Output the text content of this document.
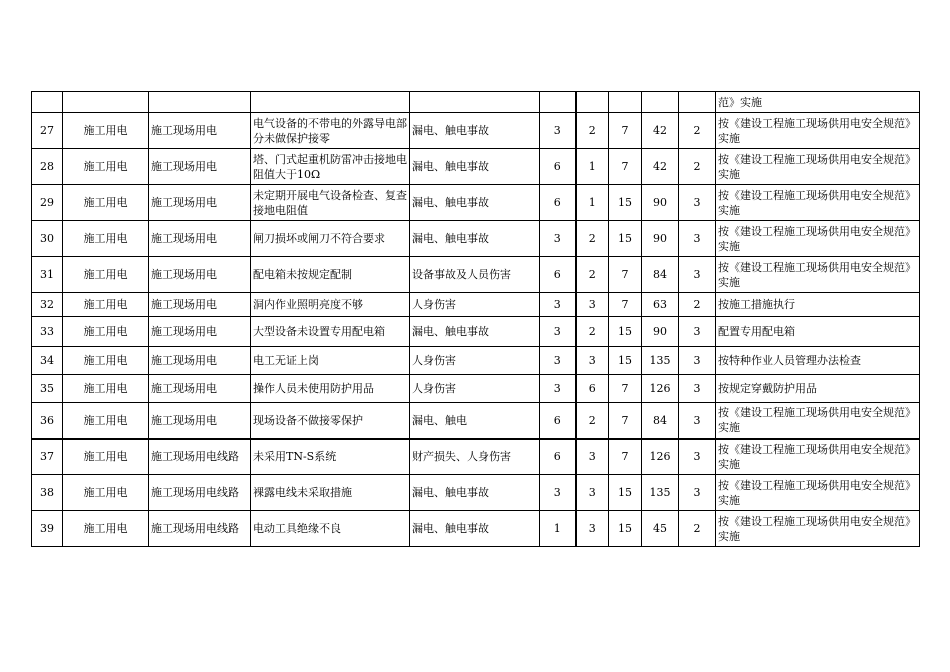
										范》实施
27	施工用电	施工现场用电	电气设备的不带电的外露导电部分未做保护接零	漏电、触电事故	3	2	7	42	2	按《建设工程施工现场供用电安全规范》实施
28	施工用电	施工现场用电	塔、门式起重机防雷冲击接地电阻值大于10Ω	漏电、触电事故	6	1	7	42	2	按《建设工程施工现场供用电安全规范》实施
29	施工用电	施工现场用电	未定期开展电气设备检查、复查接地电阻值	漏电、触电事故	6	1	15	90	3	按《建设工程施工现场供用电安全规范》实施
30	施工用电	施工现场用电	闸刀损坏或闸刀不符合要求	漏电、触电事故	3	2	15	90	3	按《建设工程施工现场供用电安全规范》实施
31	施工用电	施工现场用电	配电箱未按规定配制	设备事故及人员伤害	6	2	7	84	3	按《建设工程施工现场供用电安全规范》实施
32	施工用电	施工现场用电	洞内作业照明亮度不够	人身伤害	3	3	7	63	2	按施工措施执行
33	施工用电	施工现场用电	大型设备未设置专用配电箱	漏电、触电事故	3	2	15	90	3	配置专用配电箱
34	施工用电	施工现场用电	电工无证上岗	人身伤害	3	3	15	135	3	按特种作业人员管理办法检查
35	施工用电	施工现场用电	操作人员未使用防护用品	人身伤害	3	6	7	126	3	按规定穿戴防护用品
36	施工用电	施工现场用电	现场设备不做接零保护	漏电、触电	6	2	7	84	3	按《建设工程施工现场供用电安全规范》实施
37	施工用电	施工现场用电线路	未采用TN-S系统	财产损失、人身伤害	6	3	7	126	3	按《建设工程施工现场供用电安全规范》实施
38	施工用电	施工现场用电线路	裸露电线未采取措施	漏电、触电事故	3	3	15	135	3	按《建设工程施工现场供用电安全规范》实施
39	施工用电	施工现场用电线路	电动工具绝缘不良	漏电、触电事故	1	3	15	45	2	按《建设工程施工现场供用电安全规范》实施
